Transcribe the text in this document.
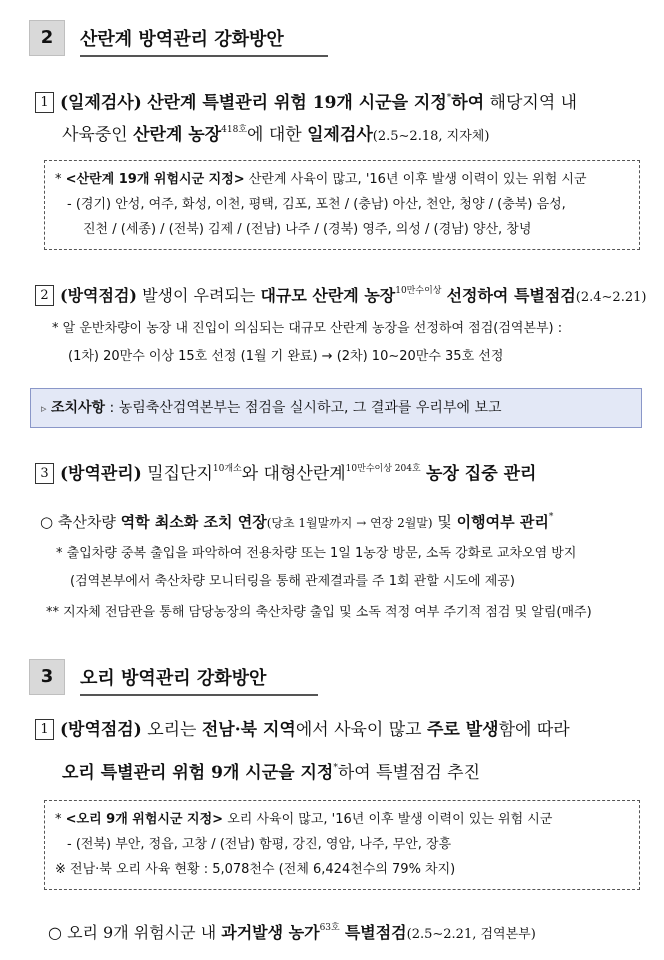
2	산란계 방역관리 강화방안
1 (일제검사) 산란계 특별관리 위험 19개 시군을 지정*하여 해당지역 내
사육중인 산란계 농장$^{418호}$에 대한 일제검사(2.5∼2.18, 지자체)
* <산란계 19개 위험시군 지정> 산란계 사육이 많고, '16년 이후 발생 이력이 있는 위험 시군
- (경기) 안성, 여주, 화성, 이천, 평택, 김포, 포천 / (충남) 아산, 천안, 청양 / (충북) 음성,
진천 / (세종) / (전북) 김제 / (전남) 나주 / (경북) 영주, 의성 / (경남) 양산, 창녕
2 (방역점검) 발생이 우려되는 대규모 산란계 농장$^{10만수이상}$ 선정하여 특별점검(2.4∼2.21)
* 알 운반차량이 농장 내 진입이 의심되는 대규모 산란계 농장을 선정하여 점검(검역본부) :
(1차) 20만수 이상 15호 선정 (1월 기 완료) → (2차) 10∼20만수 35호 선정
▹ 조치사항 : 농림축산검역본부는 점검을 실시하고, 그 결과를 우리부에 보고
3 (방역관리) 밀집단지$^{10개소}$와 대형산란계$^{10만수이상 204호}$ 농장 집중 관리
○ 축산차량 역학 최소화 조치 연장(당초 1월말까지 → 연장 2월말) 및 이행여부 관리*
* 출입차량 중복 출입을 파악하여 전용차량 또는 1일 1농장 방문, 소독 강화로 교차오염 방지
(검역본부에서 축산차량 모니터링을 통해 관제결과를 주 1회 관할 시도에 제공)
** 지자체 전담관을 통해 담당농장의 축산차량 출입 및 소독 적정 여부 주기적 점검 및 알림(매주)
3	오리 방역관리 강화방안
1 (방역점검) 오리는 전남·북 지역에서 사육이 많고 주로 발생함에 따라
오리 특별관리 위험 9개 시군을 지정*하여 특별점검 추진
* <오리 9개 위험시군 지정> 오리 사육이 많고, '16년 이후 발생 이력이 있는 위험 시군
- (전북) 부안, 정읍, 고창 / (전남) 함평, 강진, 영암, 나주, 무안, 장흥
※ 전남·북 오리 사육 현황 : 5,078천수 (전체 6,424천수의 79% 차지)
○ 오리 9개 위험시군 내 과거발생 농가$^{63호}$ 특별점검(2.5∼2.21, 검역본부)
